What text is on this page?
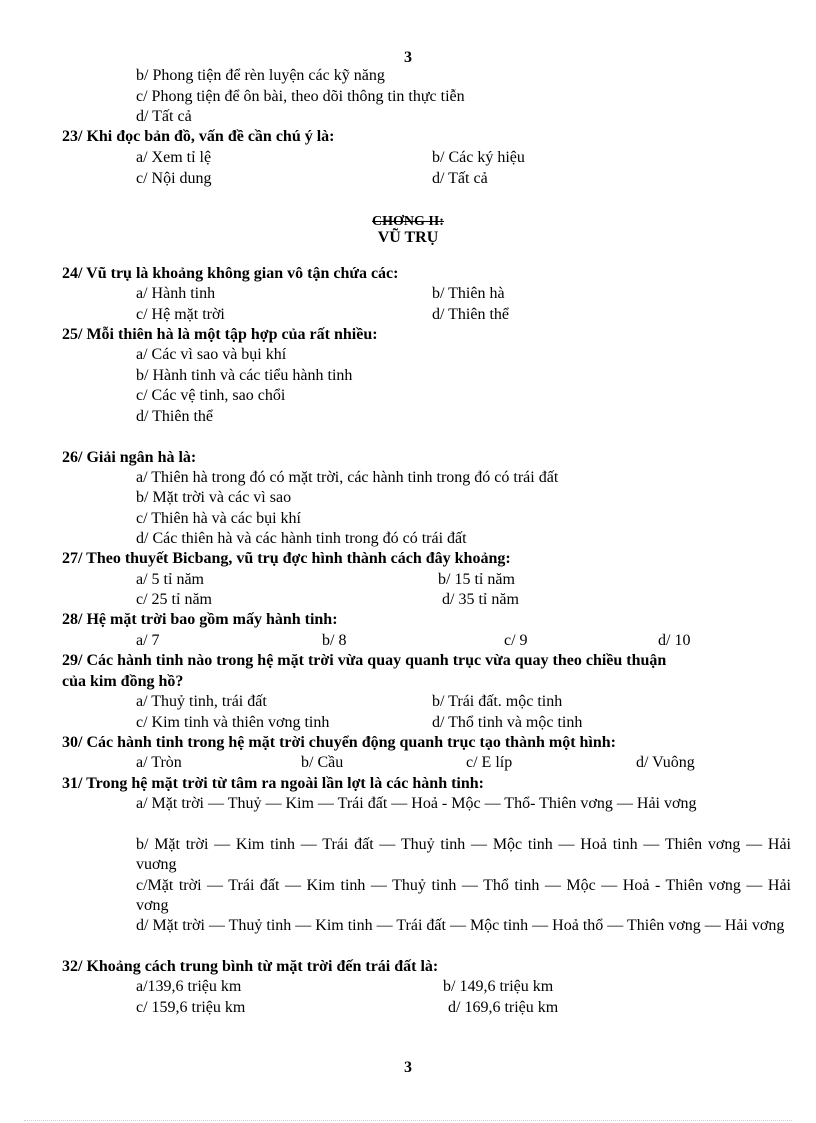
3
b/ Phong tiện để rèn luyện các kỹ năng
c/ Phong tiện để ôn bài, theo dõi thông tin thực tiễn
d/ Tất cả
23/ Khi đọc bản đồ, vấn đề cần chú ý là:
a/ Xem tỉ lệ	b/ Các ký hiệu
c/ Nội dung	d/ Tất cả
CHƠNG II:
VŨ TRỤ
24/ Vũ trụ là khoảng không gian vô tận chứa các:
a/ Hành tinh	b/ Thiên hà
c/ Hệ mặt trời	d/ Thiên thể
25/ Mỗi thiên hà là một tập hợp của rất nhiều:
a/ Các vì sao và bụi khí
b/ Hành tinh và các tiểu hành tinh
c/ Các vệ tinh, sao chổi
d/ Thiên thể
26/ Giải ngân hà là:
a/ Thiên hà trong đó có mặt trời, các hành tinh trong đó có trái đất
b/ Mặt trời và các vì sao
c/ Thiên hà và các bụi khí
d/ Các thiên hà và các hành tinh trong đó có trái đất
27/ Theo thuyết Bicbang, vũ trụ đợc hình thành cách đây khoảng:
a/ 5 tỉ năm	b/ 15 tỉ năm
c/ 25 tỉ năm	d/ 35 tỉ năm
28/ Hệ mặt trời bao gồm mấy hành tinh:
a/ 7	b/ 8	c/ 9	d/ 10
29/ Các hành tinh nào trong hệ mặt trời vừa quay quanh trục vừa quay theo chiều thuận
của kim đồng hồ?
a/ Thuỷ tinh, trái đất	b/ Trái đất. mộc tinh
c/ Kim tinh và thiên vơng tinh	d/ Thổ tinh và mộc tinh
30/ Các hành tinh trong hệ mặt trời chuyển động quanh trục tạo thành một hình:
a/ Tròn	b/ Cầu	c/ E líp	d/ Vuông
31/ Trong hệ mặt trời từ tâm ra ngoài lần lợt là các hành tinh:
a/ Mặt trời — Thuỷ — Kim — Trái đất — Hoả - Mộc — Thổ- Thiên vơng — Hải vơng
b/ Mặt trời — Kim tinh — Trái đất — Thuỷ tinh — Mộc tinh — Hoả tinh — Thiên vơng — Hải vuơng
c/Mặt trời — Trái đất — Kim tinh — Thuỷ tinh — Thổ tinh — Mộc — Hoả - Thiên vơng — Hải vơng
d/ Mặt trời — Thuỷ tinh — Kim tinh — Trái đất — Mộc tinh — Hoả thổ — Thiên vơng — Hải vơng
32/ Khoảng cách trung bình từ mặt trời đến trái đất là:
a/139,6 triệu km	b/ 149,6 triệu km
c/ 159,6 triệu km	d/ 169,6 triệu km
3
